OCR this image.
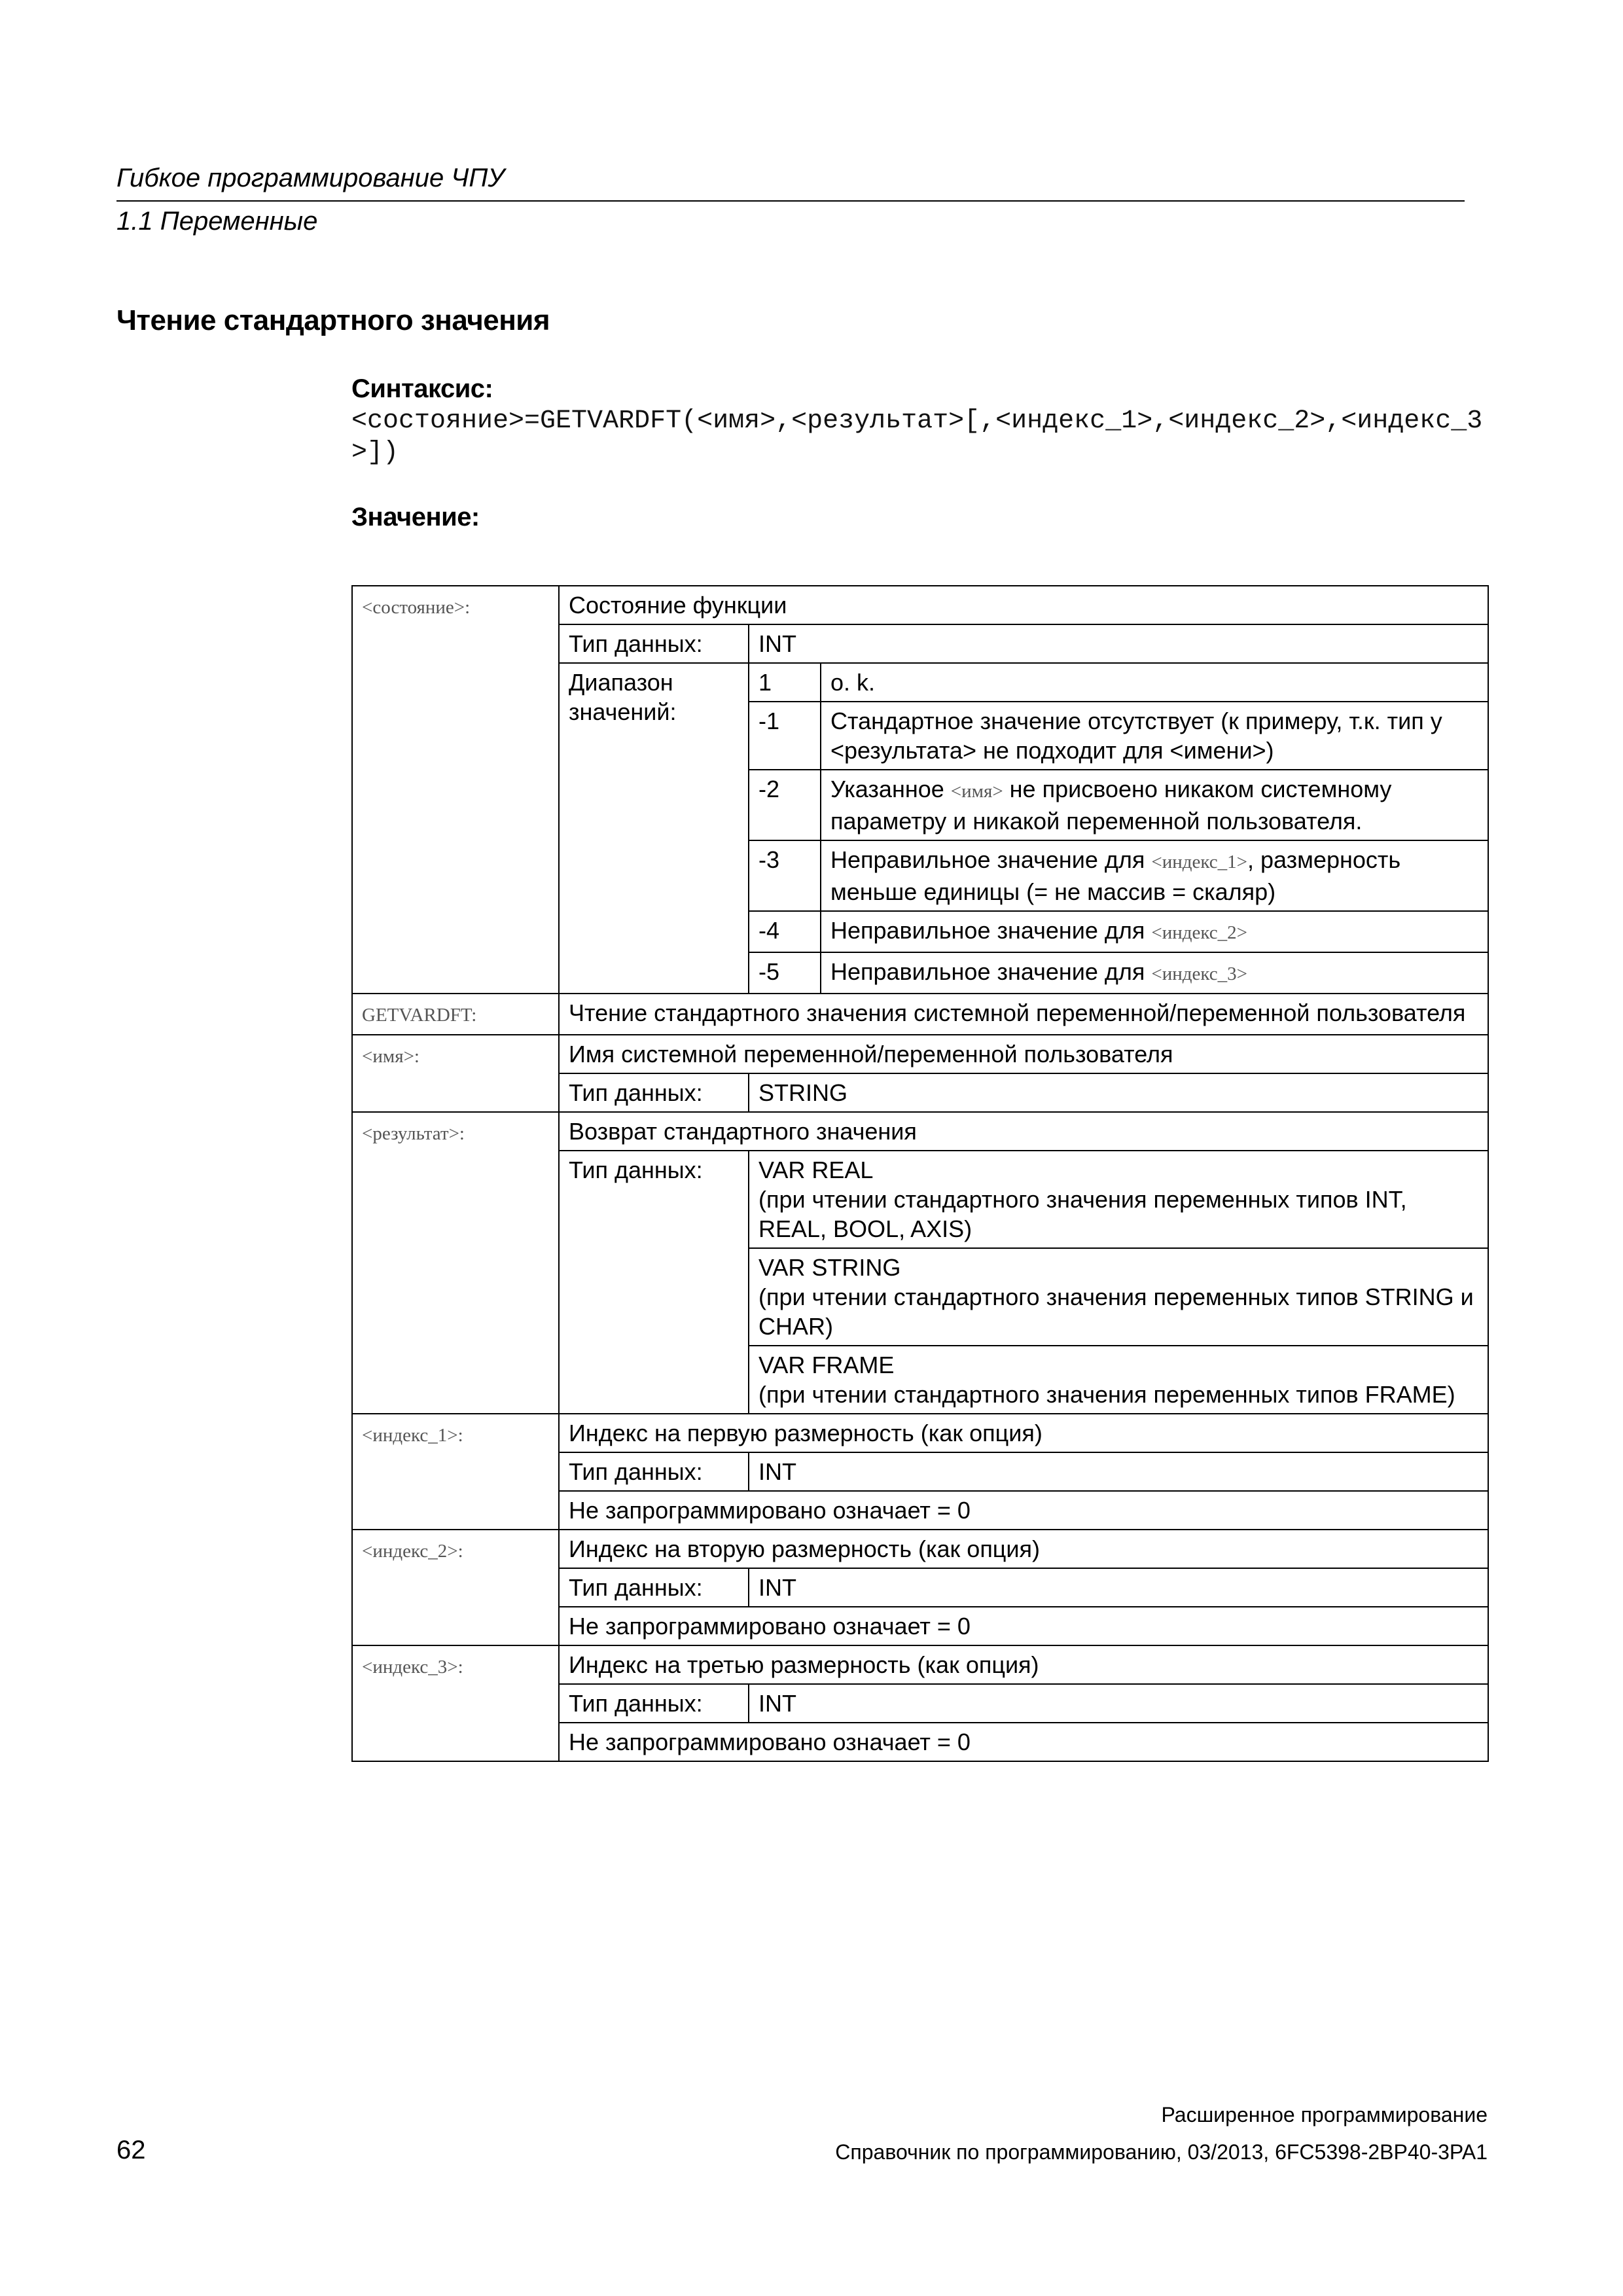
Гибкое программирование ЧПУ
1.1 Переменные
Чтение стандартного значения
Синтаксис:
<состояние>=GETVARDFT(<имя>,<результат>[,<индекс_1>,<индекс_2>,<индекс_3>])
Значение:
<состояние>:	Состояние функции		
	Тип данных:	INT	
	Диапазон значений:	1	o. k.
		-1	Стандартное значение отсутствует (к примеру, т.к. тип у <результата> не подходит для <имени>)
		-2	Указанное <имя> не присвоено никаком системному параметру и никакой переменной пользователя.
		-3	Неправильное значение для <индекс_1>, размерность меньше единицы (= не массив = скаляр)
		-4	Неправильное значение для <индекс_2>
		-5	Неправильное значение для <индекс_3>
GETVARDFT:	Чтение стандартного значения системной переменной/переменной пользователя		
<имя>:	Имя системной переменной/переменной пользователя		
	Тип данных:	STRING	
<результат>:	Возврат стандартного значения		
	Тип данных:	VAR REAL
(при чтении стандартного значения переменных типов INT, REAL, BOOL, AXIS)	

		VAR STRING
(при чтении стандартного значения переменных типов STRING и CHAR)	

		VAR FRAME
(при чтении стандартного значения переменных типов FRAME)	

<индекс_1>:	Индекс на первую размерность (как опция)		
	Тип данных:	INT	
	Не запрограммировано означает = 0		
<индекс_2>:	Индекс на вторую размерность (как опция)		
	Тип данных:	INT	
	Не запрограммировано означает = 0		
<индекс_3>:	Индекс на третью размерность (как опция)		
	Тип данных:	INT	
	Не запрограммировано означает = 0		
Расширенное программирование
62	Справочник по программированию, 03/2013, 6FC5398-2BP40-3PA1
